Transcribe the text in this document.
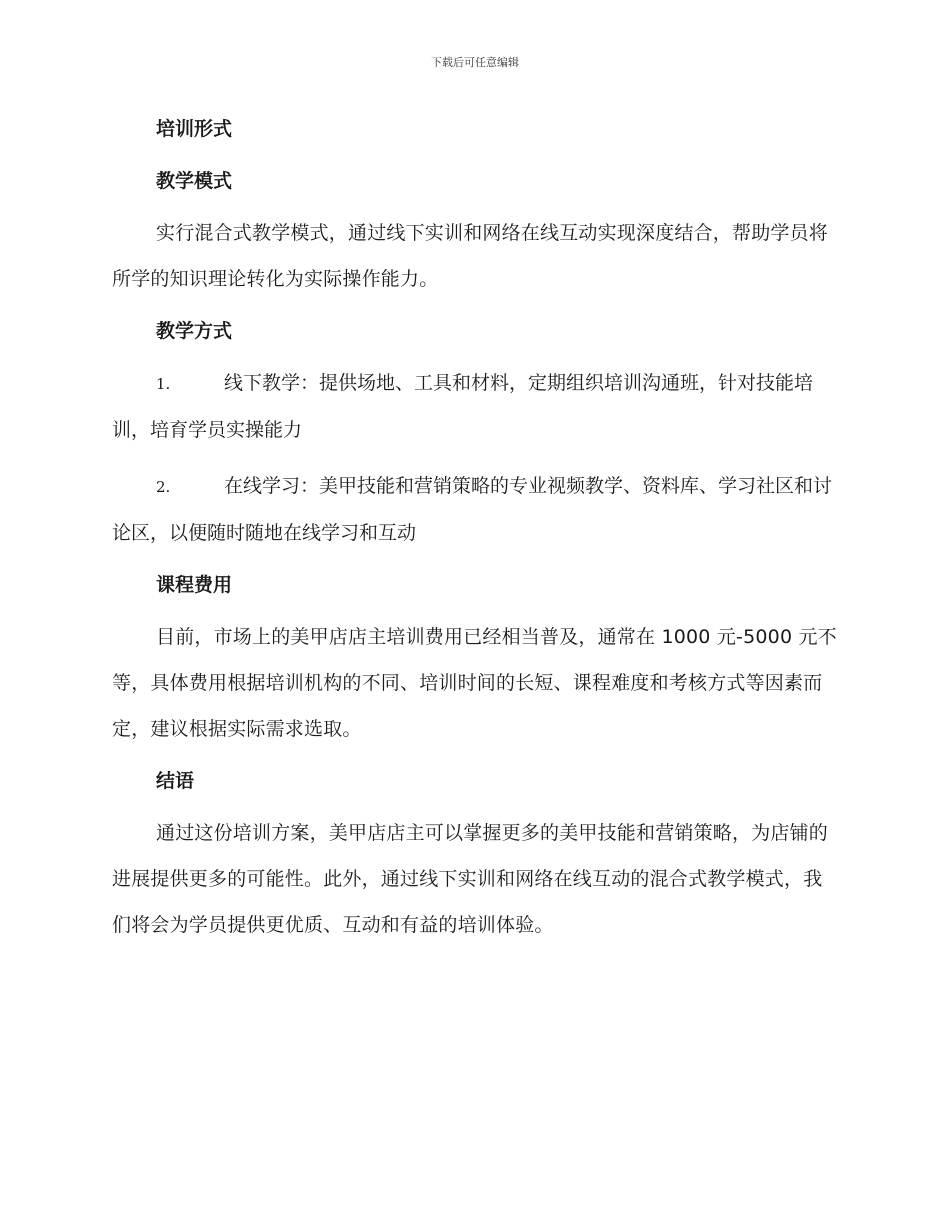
下载后可任意编辑
培训形式
教学模式

实行混合式教学模式，通过线下实训和网络在线互动实现深度结合，帮助学员将所学的知识理论转化为实际操作能力。

教学方式

1.	线下教学：提供场地、工具和材料，定期组织培训沟通班，针对技能培训，培育学员实操能力

2.	在线学习：美甲技能和营销策略的专业视频教学、资料库、学习社区和讨论区，以便随时随地在线学习和互动

课程费用

目前，市场上的美甲店店主培训费用已经相当普及，通常在 1000 元-5000 元不等，具体费用根据培训机构的不同、培训时间的长短、课程难度和考核方式等因素而定，建议根据实际需求选取。

结语

通过这份培训方案，美甲店店主可以掌握更多的美甲技能和营销策略，为店铺的进展提供更多的可能性。此外，通过线下实训和网络在线互动的混合式教学模式，我们将会为学员提供更优质、互动和有益的培训体验。
